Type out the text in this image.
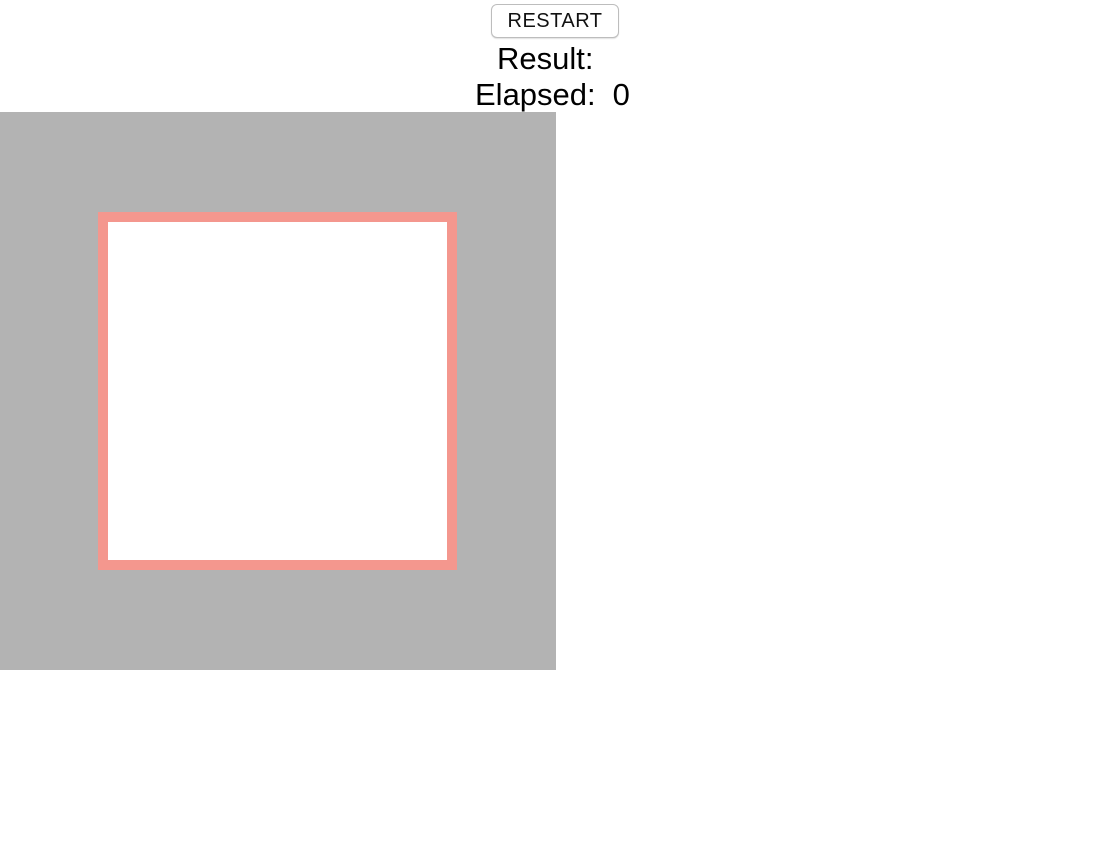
RESTART
Result:
Elapsed: 0
